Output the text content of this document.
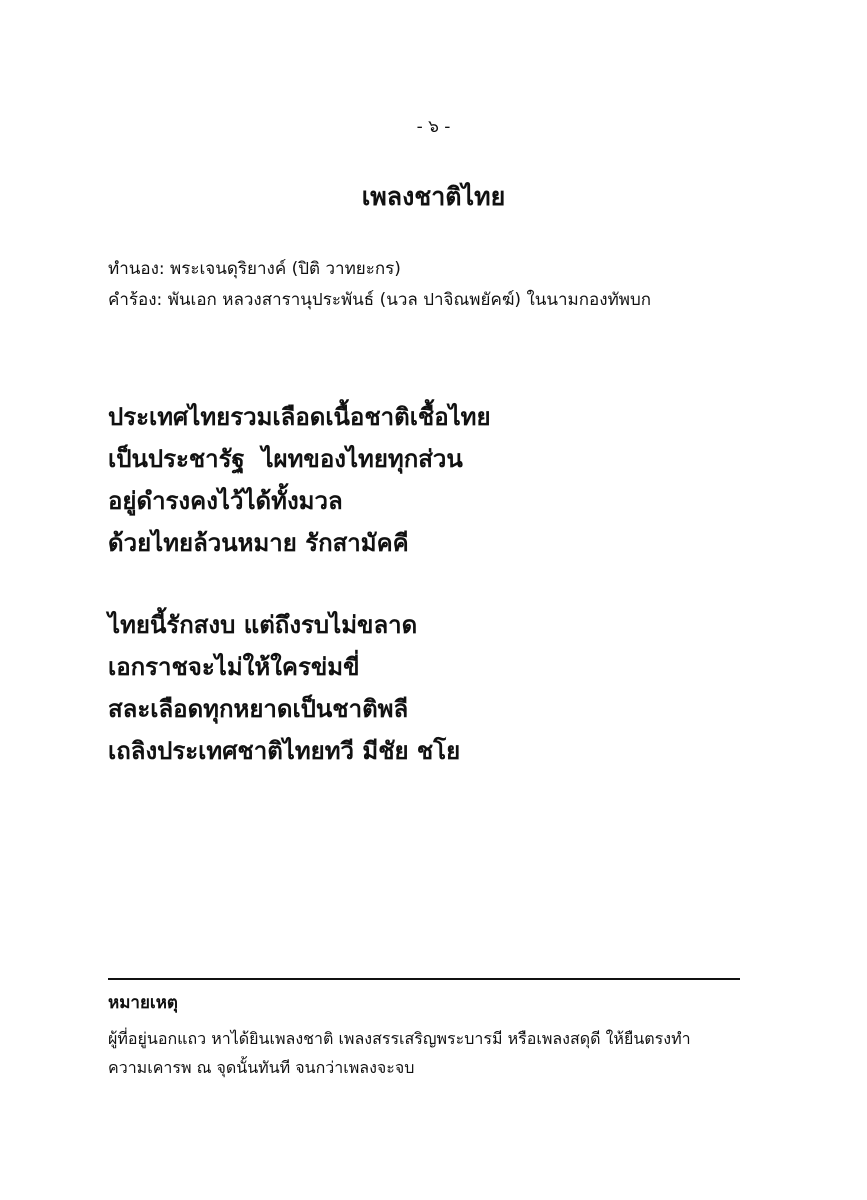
- ๖ -
เพลงชาติไทย
ทำนอง: พระเจนดุริยางค์ (ปิติ วาทยะกร)
คำร้อง: พันเอก หลวงสารานุประพันธ์ (นวล ปาจิณพยัคฆ์) ในนามกองทัพบก
ประเทศไทยรวมเลือดเนื้อชาติเชื้อไทย
เป็นประชารัฐ  ไผทของไทยทุกส่วน
อยู่ดำรงคงไว้ได้ทั้งมวล
ด้วยไทยล้วนหมาย รักสามัคคี
ไทยนี้รักสงบ แต่ถึงรบไม่ขลาด
เอกราชจะไม่ให้ใครข่มขี่
สละเลือดทุกหยาดเป็นชาติพลี
เถลิงประเทศชาติไทยทวี มีชัย ชโย
หมายเหตุ
ผู้ที่อยู่นอกแถว หาได้ยินเพลงชาติ เพลงสรรเสริญพระบารมี หรือเพลงสดุดี ให้ยืนตรงทำ
ความเคารพ ณ จุดนั้นทันที จนกว่าเพลงจะจบ
